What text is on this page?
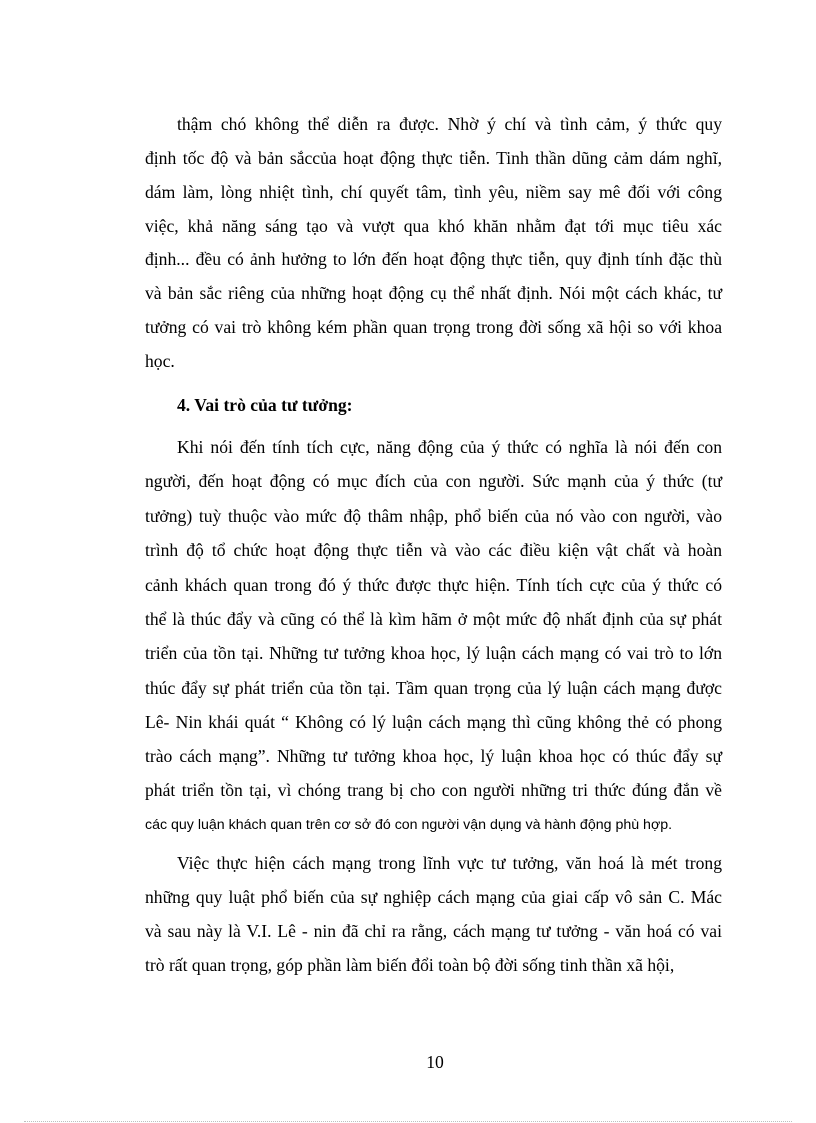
thậm chó không thể diễn ra được. Nhờ ý chí và tình cảm, ý thức quy
định tốc độ và bản sắccủa hoạt động thực tiễn. Tinh thần dũng cảm dám nghĩ,
dám làm, lòng nhiệt tình, chí quyết tâm, tình yêu, niềm say mê đối với công
việc, khả năng sáng tạo và vượt qua khó khăn nhằm đạt tới mục tiêu xác
định... đều có ảnh hưởng to lớn đến hoạt động thực tiễn, quy định tính đặc thù
và bản sắc riêng của những hoạt động cụ thể nhất định. Nói một cách khác, tư
tưởng có vai trò không kém phần quan trọng trong đời sống xã hội so với khoa
học.
4. Vai trò của tư tưởng:
Khi nói đến tính tích cực, năng động của ý thức có nghĩa là nói đến con
người, đến hoạt động có mục đích của con người. Sức mạnh của ý thức (tư
tưởng) tuỳ thuộc vào mức độ thâm nhập, phổ biến của nó vào con người, vào
trình độ tổ chức hoạt động thực tiễn và vào các điều kiện vật chất và hoàn
cảnh khách quan trong đó ý thức được thực hiện. Tính tích cực của ý thức có
thể là thúc đẩy và cũng có thể là kìm hãm ở một mức độ nhất định của sự phát
triển của tồn tại. Những tư tưởng khoa học, lý luận cách mạng có vai trò to lớn
thúc đẩy sự phát triển của tồn tại. Tầm quan trọng của lý luận cách mạng được
Lê- Nin khái quát “ Không có lý luận cách mạng thì cũng không thẻ có phong
trào cách mạng”. Những tư tưởng khoa học, lý luận khoa học có thúc đẩy sự
phát triển tồn tại, vì chóng trang bị cho con người những tri thức đúng đắn về
các quy luận khách quan trên cơ sở đó con người vận dụng và hành động phù hợp.
Việc thực hiện cách mạng trong lĩnh vực tư tưởng, văn hoá là mét trong
những quy luật phổ biến của sự nghiệp cách mạng của giai cấp vô sản C. Mác
và sau này là V.I. Lê - nin đã chỉ ra rằng, cách mạng tư tưởng - văn hoá có vai
trò rất quan trọng, góp phần làm biến đổi toàn bộ đời sống tinh thần xã hội,
10
